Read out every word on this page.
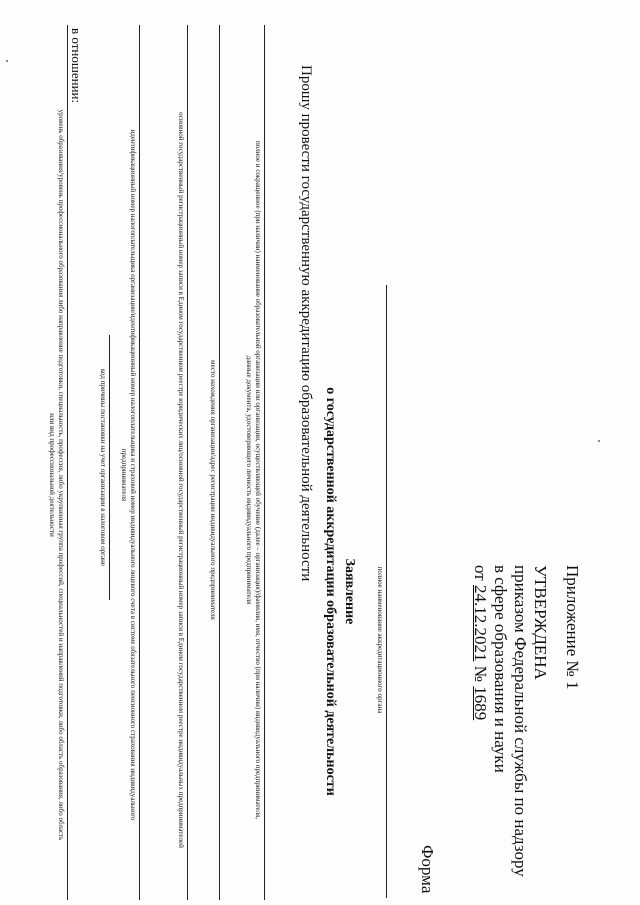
Приложение № 1
УТВЕРЖДЕНА
приказом Федеральной службы по надзору
в сфере образования и науки
от 24.12.2021 № 1689
Форма
полное наименование аккредитационного органа
Заявление
о государственной аккредитации образовательной деятельности
Прошу провести государственную аккредитацию образовательной деятельности
полное и сокращенное (при наличии) наименование образовательной организации или организации, осуществляющей обучение (далее – организация)/фамилия, имя, отчество (при наличии) индивидуального предпринимателя, данные документа, удостоверяющего личность индивидуального предпринимателя
место нахождения организации/адрес регистрации индивидуального предпринимателя
основной государственный регистрационный номер записи в Едином государственном реестре юридических лиц/основной государственный регистрационный номер записи в Едином государственном реестре индивидуальных предпринимателей
идентификационный номер налогоплательщика организации/идентификационный номер налогоплательщика и страховой номер индивидуального лицевого счета в системе обязательного пенсионного страхования индивидуального предпринимателя
код причины постановки на учет организации в налоговом органе
в отношении:
уровень образования/уровень профессионального образования либо направление подготовки, специальность, профессия, либо укрупненная группа профессий, специальностей и направлений подготовки, либо область образования, либо область или вид профессиональной деятельности
